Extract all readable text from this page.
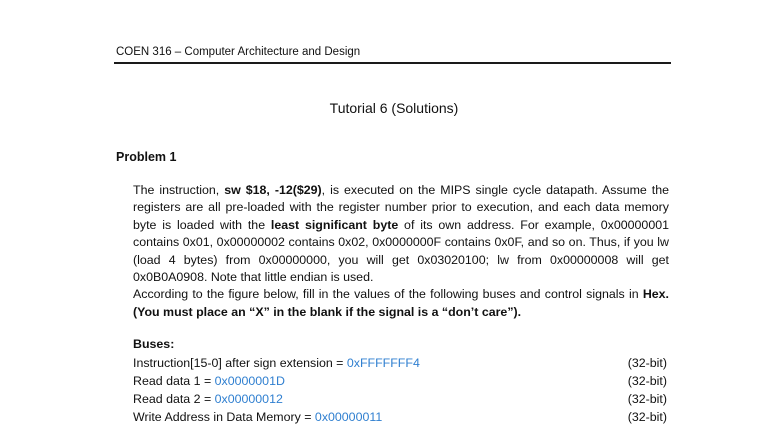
COEN 316 – Computer Architecture and Design
Tutorial 6 (Solutions)
Problem 1

The instruction, sw $18, -12($29), is executed on the MIPS single cycle datapath. Assume the registers are all pre-loaded with the register number prior to execution, and each data memory byte is loaded with the least significant byte of its own address. For example, 0x00000001 contains 0x01, 0x00000002 contains 0x02, 0x0000000F contains 0x0F, and so on. Thus, if you lw (load 4 bytes) from 0x00000000, you will get 0x03020100; lw from 0x00000008 will get 0x0B0A0908. Note that little endian is used.

According to the figure below, fill in the values of the following buses and control signals in Hex. (You must place an “X” in the blank if the signal is a “don’t care”).

Buses:
Instruction[15-0] after sign extension = 0xFFFFFFF4	(32-bit)
Read data 1 = 0x0000001D	(32-bit)
Read data 2 = 0x00000012	(32-bit)
Write Address in Data Memory = 0x00000011	(32-bit)
